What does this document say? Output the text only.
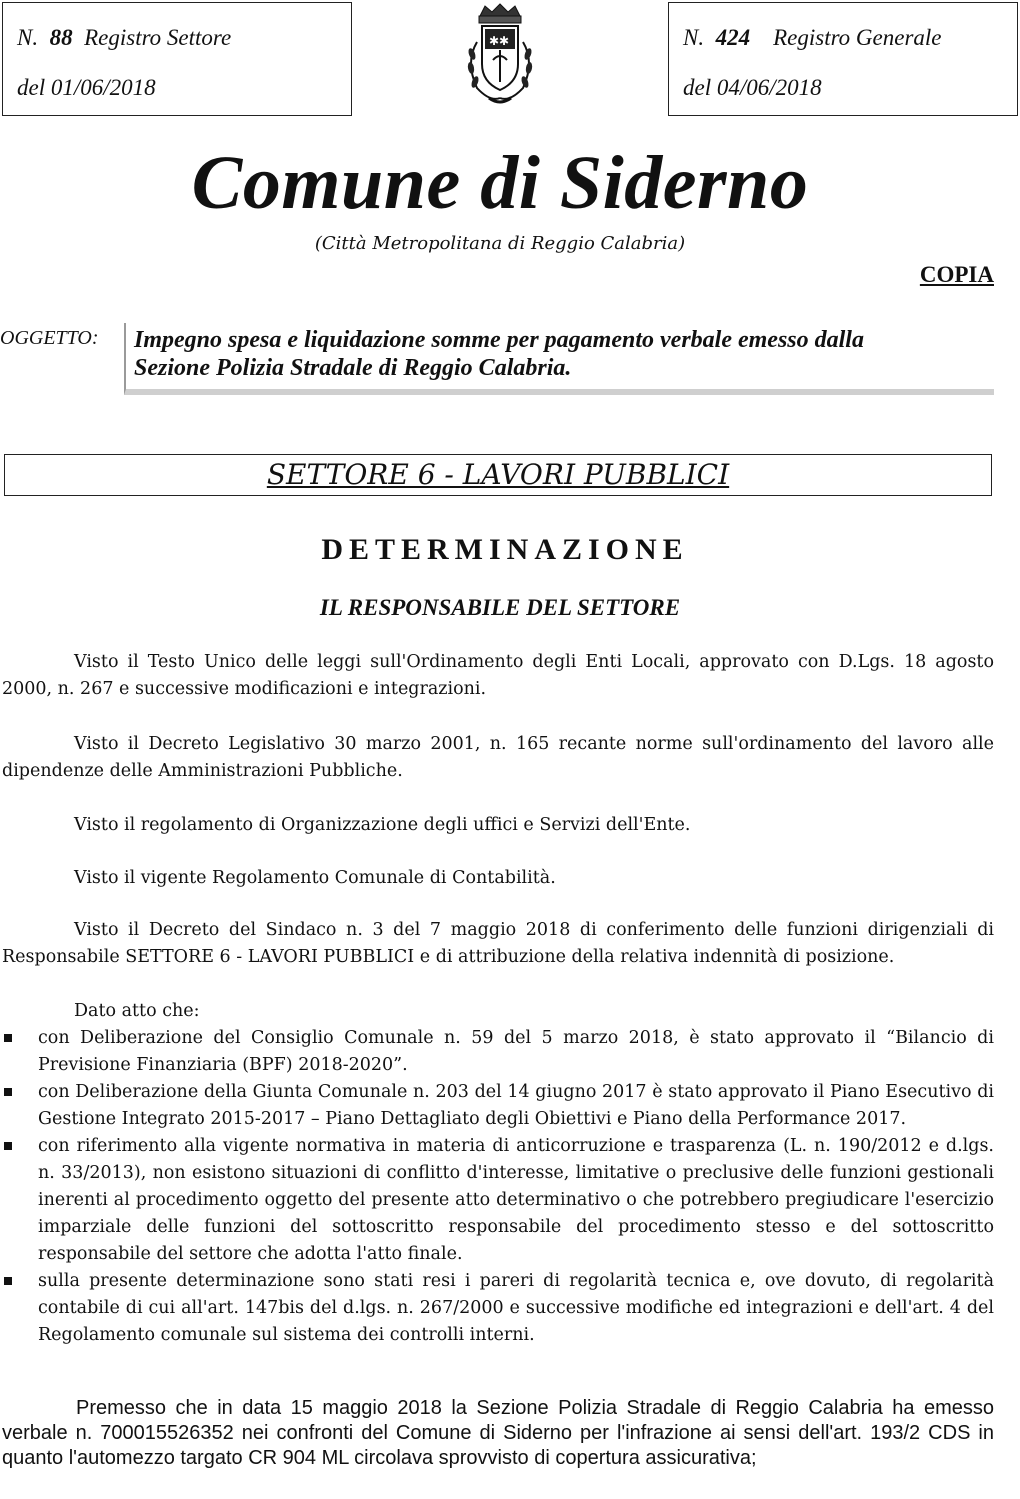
N. 88 Registro Settore
del 01/06/2018
✱✱	N. 424 Registro Generale
del 04/06/2018
Comune di Siderno
(Città Metropolitana di Reggio Calabria)
COPIA
OGGETTO: Impegno spesa e liquidazione somme per pagamento verbale emesso dalla
Sezione Polizia Stradale di Reggio Calabria.
SETTORE 6 - LAVORI PUBBLICI
DETERMINAZIONE
IL RESPONSABILE DEL SETTORE
Visto il Testo Unico delle leggi sull'Ordinamento degli Enti Locali, approvato con D.Lgs. 18 agosto 2000, n. 267 e successive modificazioni e integrazioni.
Visto il Decreto Legislativo 30 marzo 2001, n. 165 recante norme sull'ordinamento del lavoro alle dipendenze delle Amministrazioni Pubbliche.
Visto il regolamento di Organizzazione degli uffici e Servizi dell'Ente.
Visto il vigente Regolamento Comunale di Contabilità.
Visto il Decreto del Sindaco n. 3 del 7 maggio 2018 di conferimento delle funzioni dirigenziali di Responsabile SETTORE 6 - LAVORI PUBBLICI e di attribuzione della relativa indennità di posizione.
Dato atto che:
con Deliberazione del Consiglio Comunale n. 59 del 5 marzo 2018, è stato approvato il “Bilancio di Previsione Finanziaria (BPF) 2018-2020”.
con Deliberazione della Giunta Comunale n. 203 del 14 giugno 2017 è stato approvato il Piano Esecutivo di Gestione Integrato 2015-2017 – Piano Dettagliato degli Obiettivi e Piano della Performance 2017.
con riferimento alla vigente normativa in materia di anticorruzione e trasparenza (L. n. 190/2012 e d.lgs. n. 33/2013), non esistono situazioni di conflitto d'interesse, limitative o preclusive delle funzioni gestionali inerenti al procedimento oggetto del presente atto determinativo o che potrebbero pregiudicare l'esercizio imparziale delle funzioni del sottoscritto responsabile del procedimento stesso e del sottoscritto responsabile del settore che adotta l'atto finale.
sulla presente determinazione sono stati resi i pareri di regolarità tecnica e, ove dovuto, di regolarità contabile di cui all'art. 147bis del d.lgs. n. 267/2000 e successive modifiche ed integrazioni e dell'art. 4 del Regolamento comunale sul sistema dei controlli interni.
Premesso che in data 15 maggio 2018 la Sezione Polizia Stradale di Reggio Calabria ha emesso verbale n. 700015526352 nei confronti del Comune di Siderno per l'infrazione ai sensi dell'art. 193/2 CDS in quanto l'automezzo targato CR 904 ML circolava sprovvisto di copertura assicurativa;
